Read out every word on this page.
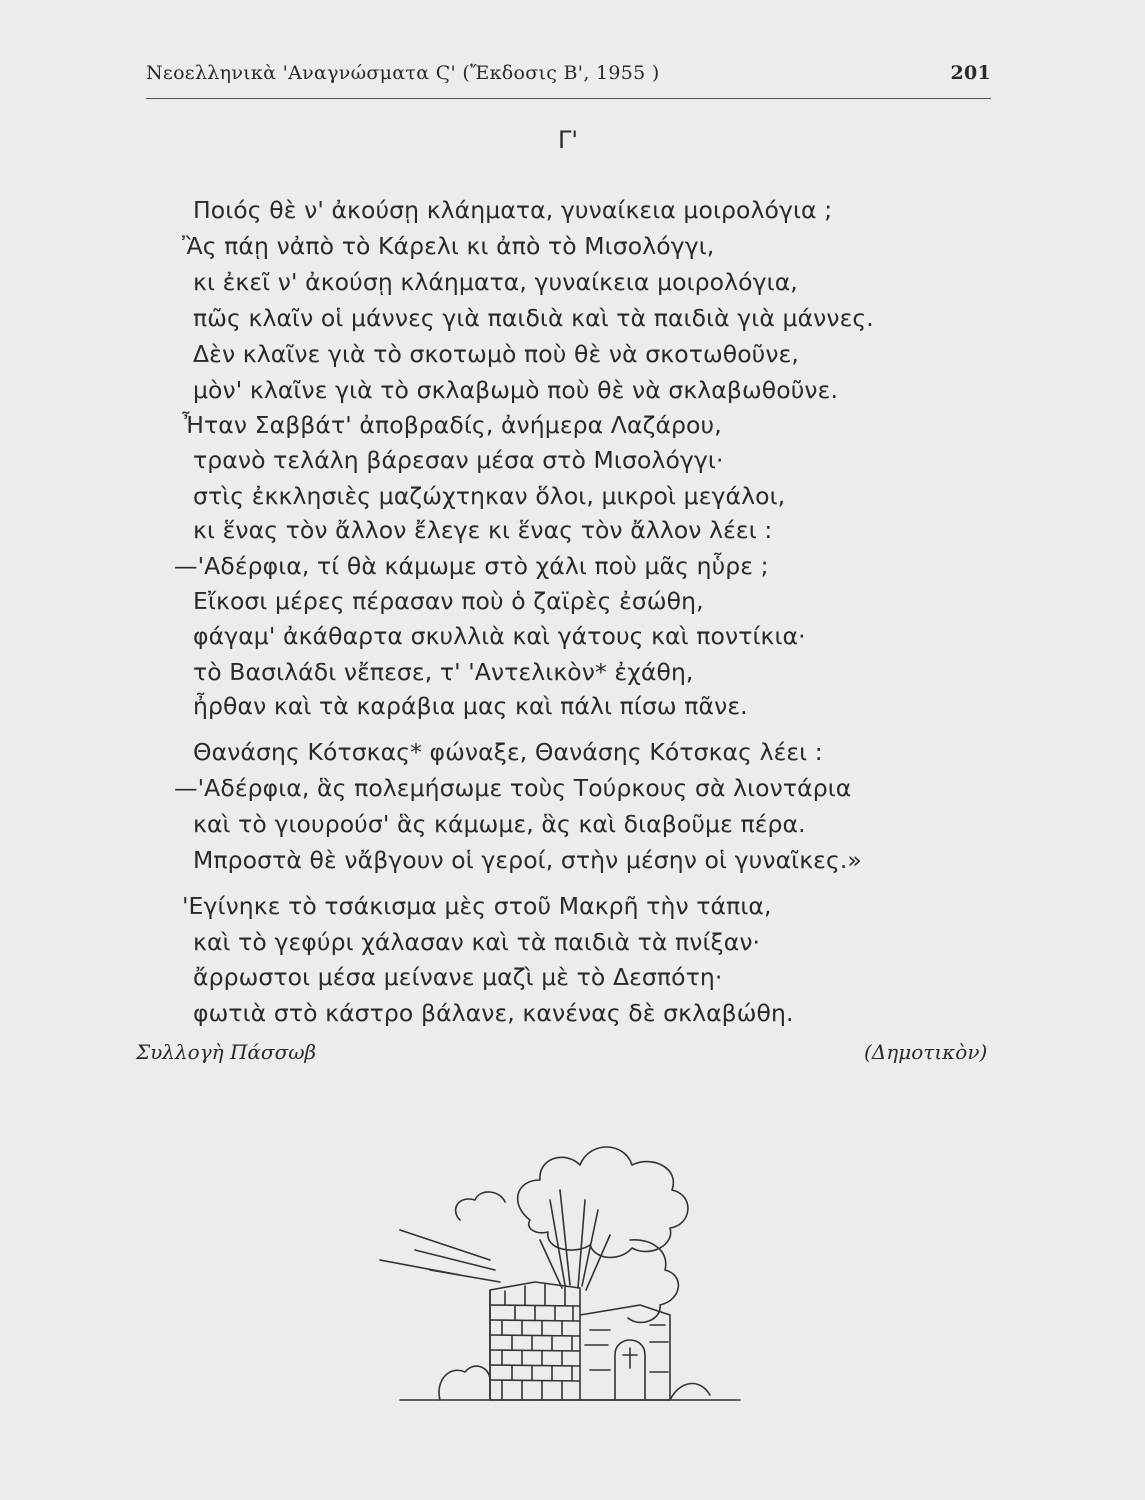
Νεοελληνικὰ 'Αναγνώσματα Ϛ' (Ἔκδοσις Β', 1955 )	201
Γ'
Ποιός θὲ ν' ἀκούσῃ κλάηματα, γυναίκεια μοιρολόγια ;
Ἂς πάῃ νἀπὸ τὸ Κάρελι κι ἀπὸ τὸ Μισολόγγι,
κι ἐκεῖ ν' ἀκούσῃ κλάηματα, γυναίκεια μοιρολόγια,
πῶς κλαῖν οἱ μάννες γιὰ παιδιὰ καὶ τὰ παιδιὰ γιὰ μάννες.
Δὲν κλαῖνε γιὰ τὸ σκοτωμὸ ποὺ θὲ νὰ σκοτωθοῦνε,
μὸν' κλαῖνε γιὰ τὸ σκλαβωμὸ ποὺ θὲ νὰ σκλαβωθοῦνε.
Ἦταν Σαββάτ' ἀποβραδίς, ἀνήμερα Λαζάρου,
τρανὸ τελάλη βάρεσαν μέσα στὸ Μισολόγγι·
στὶς ἐκκλησιὲς μαζώχτηκαν ὅλοι, μικροὶ μεγάλοι,
κι ἕνας τὸν ἄλλον ἔλεγε κι ἕνας τὸν ἄλλον λέει :
—'Αδέρφια, τί θὰ κάμωμε στὸ χάλι ποὺ μᾶς ηὗρε ;
Εἴκοσι μέρες πέρασαν ποὺ ὁ ζαϊρὲς ἐσώθη,
φάγαμ' ἀκάθαρτα σκυλλιὰ καὶ γάτους καὶ ποντίκια·
τὸ Βασιλάδι νἔπεσε, τ' 'Αντελικὸν* ἐχάθη,
ἦρθαν καὶ τὰ καράβια μας καὶ πάλι πίσω πᾶνε.
Θανάσης Κότσκας* φώναξε, Θανάσης Κότσκας λέει :
—'Αδέρφια, ἃς πολεμήσωμε τοὺς Τούρκους σὰ λιοντάρια
καὶ τὸ γιουρούσ' ἃς κάμωμε, ἃς καὶ διαβοῦμε πέρα.
Μπροστὰ θὲ νἄβγουν οἱ γεροί, στὴν μέσην οἱ γυναῖκες.»
'Εγίνηκε τὸ τσάκισμα μὲς στοῦ Μακρῆ τὴν τάπια,
καὶ τὸ γεφύρι χάλασαν καὶ τὰ παιδιὰ τὰ πνίξαν·
ἄρρωστοι μέσα μείνανε μαζὶ μὲ τὸ Δεσπότη·
φωτιὰ στὸ κάστρο βάλανε, κανένας δὲ σκλαβώθη.
Συλλογὴ Πάσσωβ	(Δημοτικὸν)
